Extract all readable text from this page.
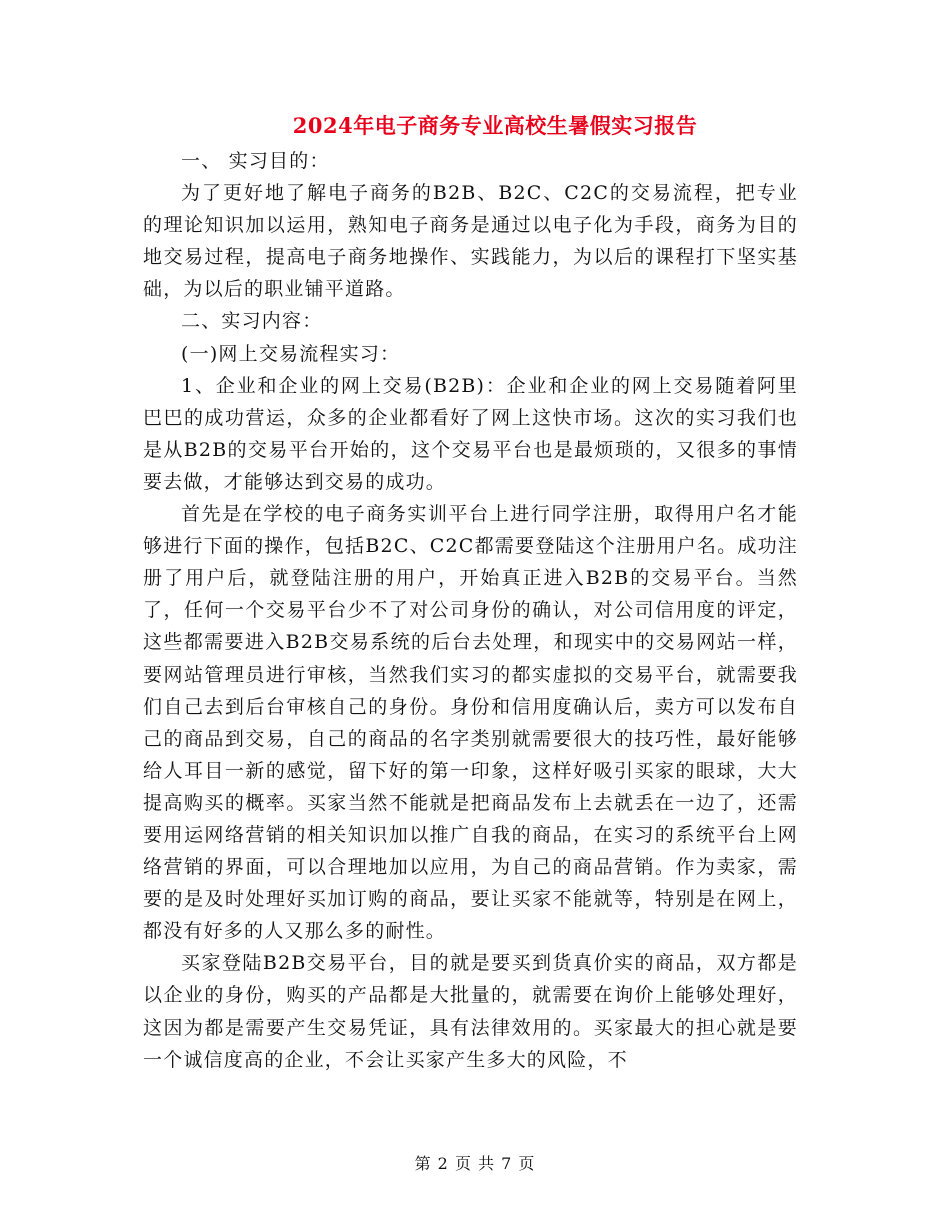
2024年电子商务专业高校生暑假实习报告

一、 实习目的：

为了更好地了解电子商务的B2B、B2C、C2C的交易流程，把专业的理论知识加以运用，熟知电子商务是通过以电子化为手段，商务为目的地交易过程，提高电子商务地操作、实践能力，为以后的课程打下坚实基础，为以后的职业铺平道路。

二、实习内容：

(一)网上交易流程实习：

1、企业和企业的网上交易(B2B)：企业和企业的网上交易随着阿里巴巴的成功营运，众多的企业都看好了网上这快市场。这次的实习我们也是从B2B的交易平台开始的，这个交易平台也是最烦琐的，又很多的事情要去做，才能够达到交易的成功。

首先是在学校的电子商务实训平台上进行同学注册，取得用户名才能够进行下面的操作，包括B2C、C2C都需要登陆这个注册用户名。成功注册了用户后，就登陆注册的用户，开始真正进入B2B的交易平台。当然了，任何一个交易平台少不了对公司身份的确认，对公司信用度的评定，这些都需要进入B2B交易系统的后台去处理，和现实中的交易网站一样，要网站管理员进行审核，当然我们实习的都实虚拟的交易平台，就需要我们自己去到后台审核自己的身份。身份和信用度确认后，卖方可以发布自己的商品到交易，自己的商品的名字类别就需要很大的技巧性，最好能够给人耳目一新的感觉，留下好的第一印象，这样好吸引买家的眼球，大大提高购买的概率。买家当然不能就是把商品发布上去就丢在一边了，还需要用运网络营销的相关知识加以推广自我的商品，在实习的系统平台上网络营销的界面，可以合理地加以应用，为自己的商品营销。作为卖家，需要的是及时处理好买加订购的商品，要让买家不能就等，特别是在网上，都没有好多的人又那么多的耐性。

买家登陆B2B交易平台，目的就是要买到货真价实的商品，双方都是以企业的身份，购买的产品都是大批量的，就需要在询价上能够处理好，这因为都是需要产生交易凭证，具有法律效用的。买家最大的担心就是要一个诚信度高的企业，不会让买家产生多大的风险，不

第 2 页 共 7 页
